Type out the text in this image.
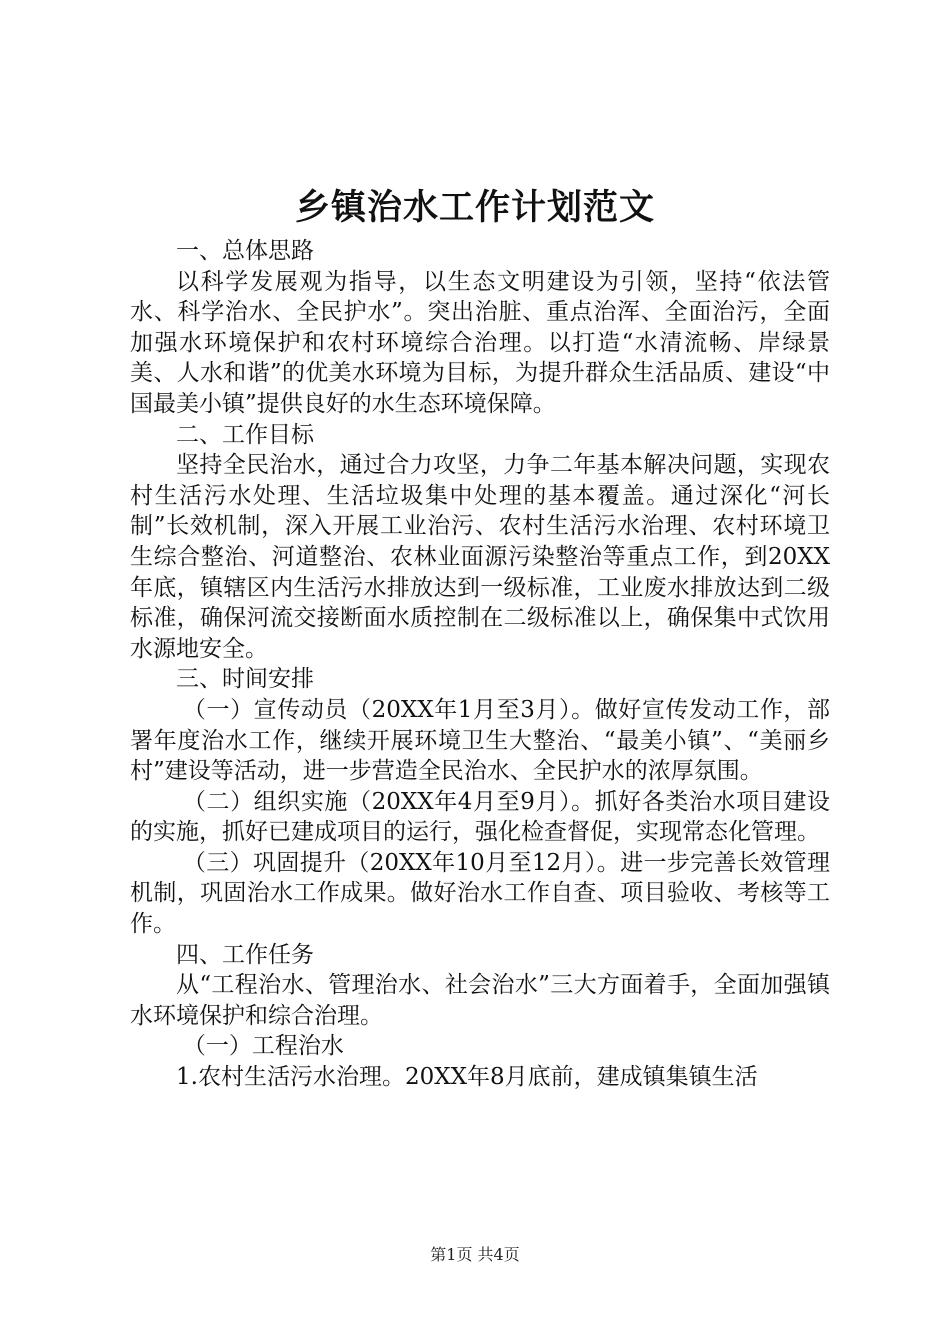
乡镇治水工作计划范文

一、总体思路

以科学发展观为指导，以生态文明建设为引领，坚持“依法管水、科学治水、全民护水”。突出治脏、重点治浑、全面治污，全面加强水环境保护和农村环境综合治理。以打造“水清流畅、岸绿景美、人水和谐”的优美水环境为目标，为提升群众生活品质、建设“中国最美小镇”提供良好的水生态环境保障。

二、工作目标

坚持全民治水，通过合力攻坚，力争二年基本解决问题，实现农村生活污水处理、生活垃圾集中处理的基本覆盖。通过深化“河长制”长效机制，深入开展工业治污、农村生活污水治理、农村环境卫生综合整治、河道整治、农林业面源污染整治等重点工作，到20XX年底，镇辖区内生活污水排放达到一级标准，工业废水排放达到二级标准，确保河流交接断面水质控制在二级标准以上，确保集中式饮用水源地安全。

三、时间安排

（一）宣传动员（20XX年1月至3月）。做好宣传发动工作，部署年度治水工作，继续开展环境卫生大整治、“最美小镇”、“美丽乡村”建设等活动，进一步营造全民治水、全民护水的浓厚氛围。

（二）组织实施（20XX年4月至9月）。抓好各类治水项目建设的实施，抓好已建成项目的运行，强化检查督促，实现常态化管理。

（三）巩固提升（20XX年10月至12月）。进一步完善长效管理机制，巩固治水工作成果。做好治水工作自查、项目验收、考核等工作。

四、工作任务

从“工程治水、管理治水、社会治水”三大方面着手，全面加强镇水环境保护和综合治理。

（一）工程治水

1.农村生活污水治理。20XX年8月底前，建成镇集镇生活

第1页 共4页
